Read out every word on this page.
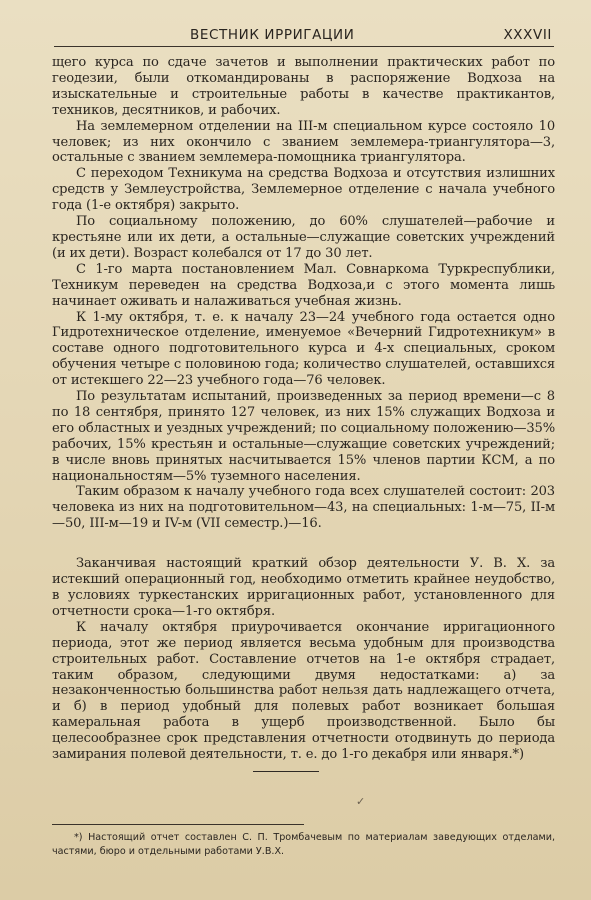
ВЕСТНИК ИРРИГАЦИИ	XXXVII

щего курса по сдаче зачетов и выполнении практических работ по геодезии, были откомандированы в распоряжение Водхоза на изыскательные и строительные работы в качестве практикантов, техников, десятников, и рабочих.

На землемерном отделении на III-м специальном курсе состояло 10 человек; из них окончило с званием землемера-триангулятора—3, остальные с званием землемера-помощника триангулятора.

С переходом Техникума на средства Водхоза и отсутствия излишних средств у Землеустройства, Землемерное отделение с начала учебного года (1-е октября) закрыто.

По социальному положению, до 60% слушателей—рабочие и крестьяне или их дети, а остальные—служащие советских учреждений (и их дети). Возраст колебался от 17 до 30 лет.

С 1-го марта постановлением Мал. Совнаркома Туркреспублики, Техникум переведен на средства Водхоза,и с этого момента лишь начинает оживать и налаживаться учебная жизнь.

К 1-му октября, т. е. к началу 23—24 учебного года остается одно Гидротехническое отделение, именуемое «Вечерний Гидротехникум» в составе одного подготовительного курса и 4-х специальных, сроком обучения четыре с половиною года; количество слушателей, оставшихся от истекшего 22—23 учебного года—76 человек.

По результатам испытаний, произведенных за период времени—с 8 по 18 сентября, принято 127 человек, из них 15% служащих Водхоза и его областных и уездных учреждений; по социальному положению—35% рабочих, 15% крестьян и остальные—служащие советских учреждений; в числе вновь принятых насчитывается 15% членов партии КСМ, а по национальностям—5% туземного населения.

Таким образом к началу учебного года всех слушателей состоит: 203 человека из них на подготовительном—43, на специальных: 1-м—75, II-м—50, III-м—19 и IV-м (VII семестр.)—16.

Заканчивая настоящий краткий обзор деятельности У. В. Х. за истекший операционный год, необходимо отметить крайнее неудобство, в условиях туркестанских ирригационных работ, установленного для отчетности срока—1-го октября.

К началу октября приурочивается окончание ирригационного периода, этот же период является весьма удобным для производства строительных работ. Составление отчетов на 1-е октября страдает, таким образом, следующими двумя недостатками: а) за незаконченностью большинства работ нельзя дать надлежащего отчета, и б) в период удобный для полевых работ возникает большая камеральная работа в ущерб производственной. Было бы целесообразнее срок представления отчетности отодвинуть до периода замирания полевой деятельности, т. е. до 1-го декабря или января.*)

✓
*) Настоящий отчет составлен С. П. Тромбачевым по материалам заведующих отделами, частями, бюро и отдельными работами У.В.Х.
